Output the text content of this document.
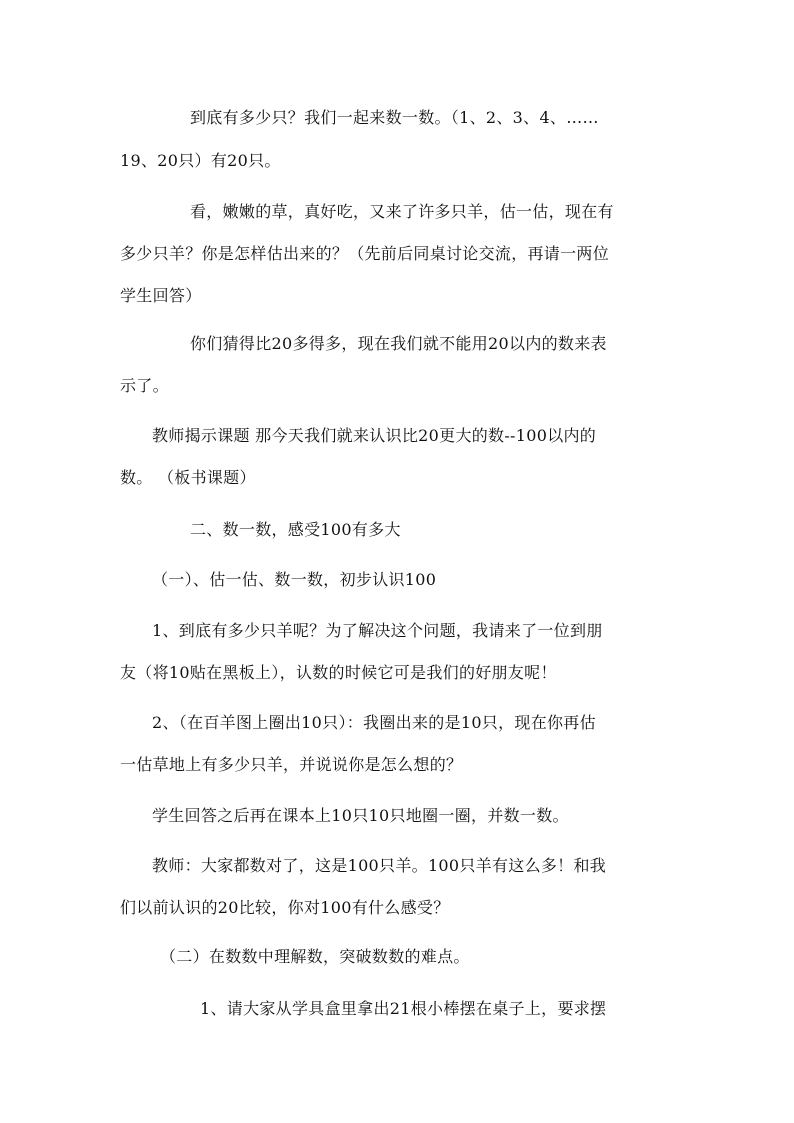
到底有多少只？我们一起来数一数。（1、2、3、4、……
19、20只）有20只。
看，嫩嫩的草，真好吃，又来了许多只羊，估一估，现在有
多少只羊？你是怎样估出来的？（先前后同桌讨论交流，再请一两位
学生回答）
你们猜得比20多得多，现在我们就不能用20以内的数来表
示了。
教师揭示课题 那今天我们就来认识比20更大的数--100以内的
数。 （板书课题）
二、数一数，感受100有多大
（一）、估一估、数一数，初步认识100
1、到底有多少只羊呢？为了解决这个问题，我请来了一位到朋
友（将10贴在黑板上），认数的时候它可是我们的好朋友呢！
2、（在百羊图上圈出10只）：我圈出来的是10只，现在你再估
一估草地上有多少只羊，并说说你是怎么想的？
学生回答之后再在课本上10只10只地圈一圈，并数一数。
教师：大家都数对了，这是100只羊。100只羊有这么多！和我
们以前认识的20比较，你对100有什么感受？
（二）在数数中理解数，突破数数的难点。
1、请大家从学具盒里拿出21根小棒摆在桌子上，要求摆
